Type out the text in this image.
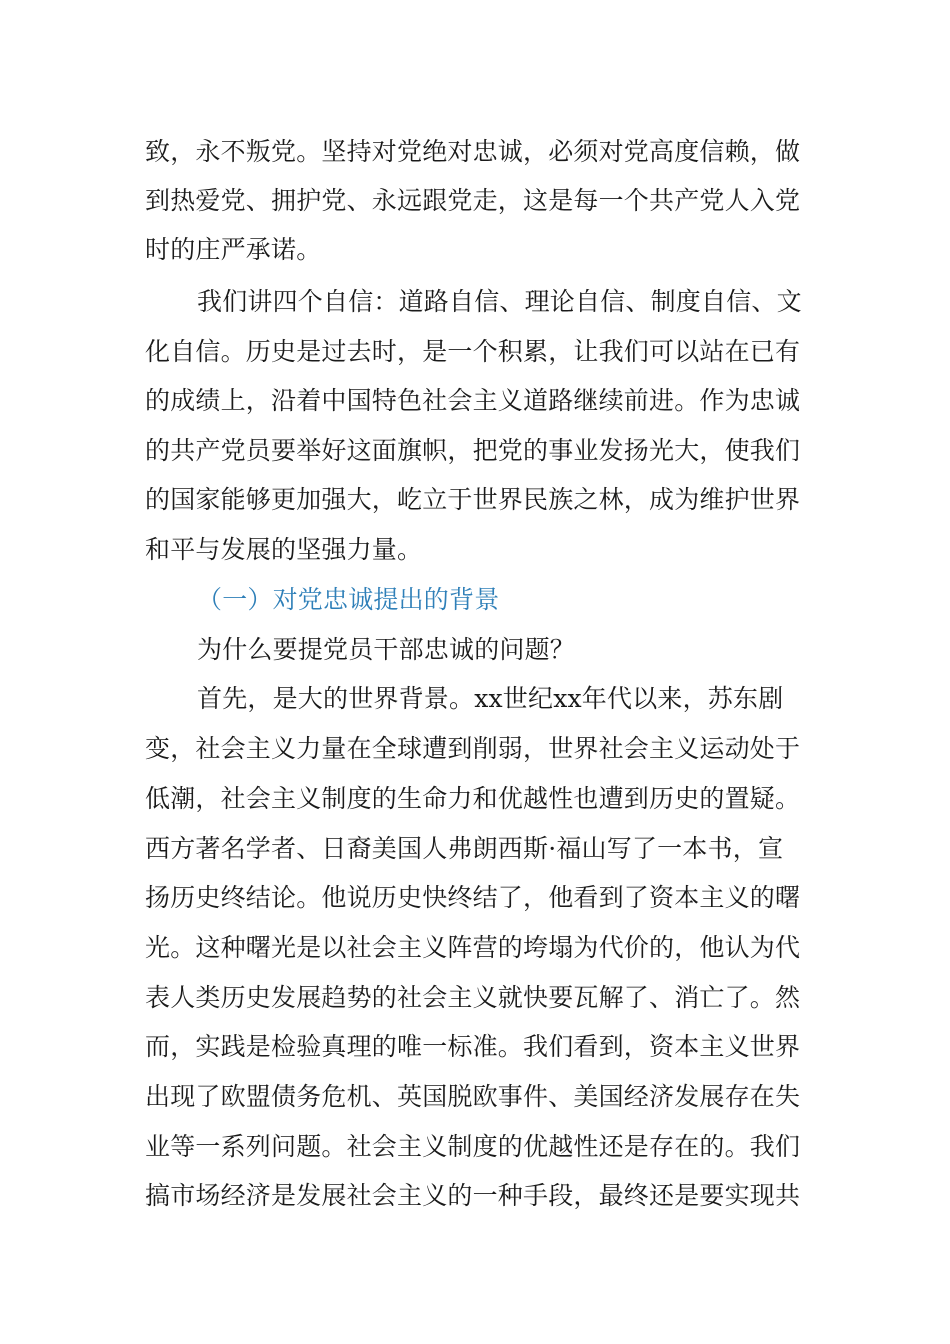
致，永不叛党。坚持对党绝对忠诚，必须对党高度信赖，做
到热爱党、拥护党、永远跟党走，这是每一个共产党人入党
时的庄严承诺。
我们讲四个自信：道路自信、理论自信、制度自信、文
化自信。历史是过去时，是一个积累，让我们可以站在已有
的成绩上，沿着中国特色社会主义道路继续前进。作为忠诚
的共产党员要举好这面旗帜，把党的事业发扬光大，使我们
的国家能够更加强大，屹立于世界民族之林，成为维护世界
和平与发展的坚强力量。
（一）对党忠诚提出的背景
为什么要提党员干部忠诚的问题？
首先，是大的世界背景。xx世纪xx年代以来，苏东剧
变，社会主义力量在全球遭到削弱，世界社会主义运动处于
低潮，社会主义制度的生命力和优越性也遭到历史的置疑。
西方著名学者、日裔美国人弗朗西斯·福山写了一本书，宣
扬历史终结论。他说历史快终结了，他看到了资本主义的曙
光。这种曙光是以社会主义阵营的垮塌为代价的，他认为代
表人类历史发展趋势的社会主义就快要瓦解了、消亡了。然
而，实践是检验真理的唯一标准。我们看到，资本主义世界
出现了欧盟债务危机、英国脱欧事件、美国经济发展存在失
业等一系列问题。社会主义制度的优越性还是存在的。我们
搞市场经济是发展社会主义的一种手段，最终还是要实现共
